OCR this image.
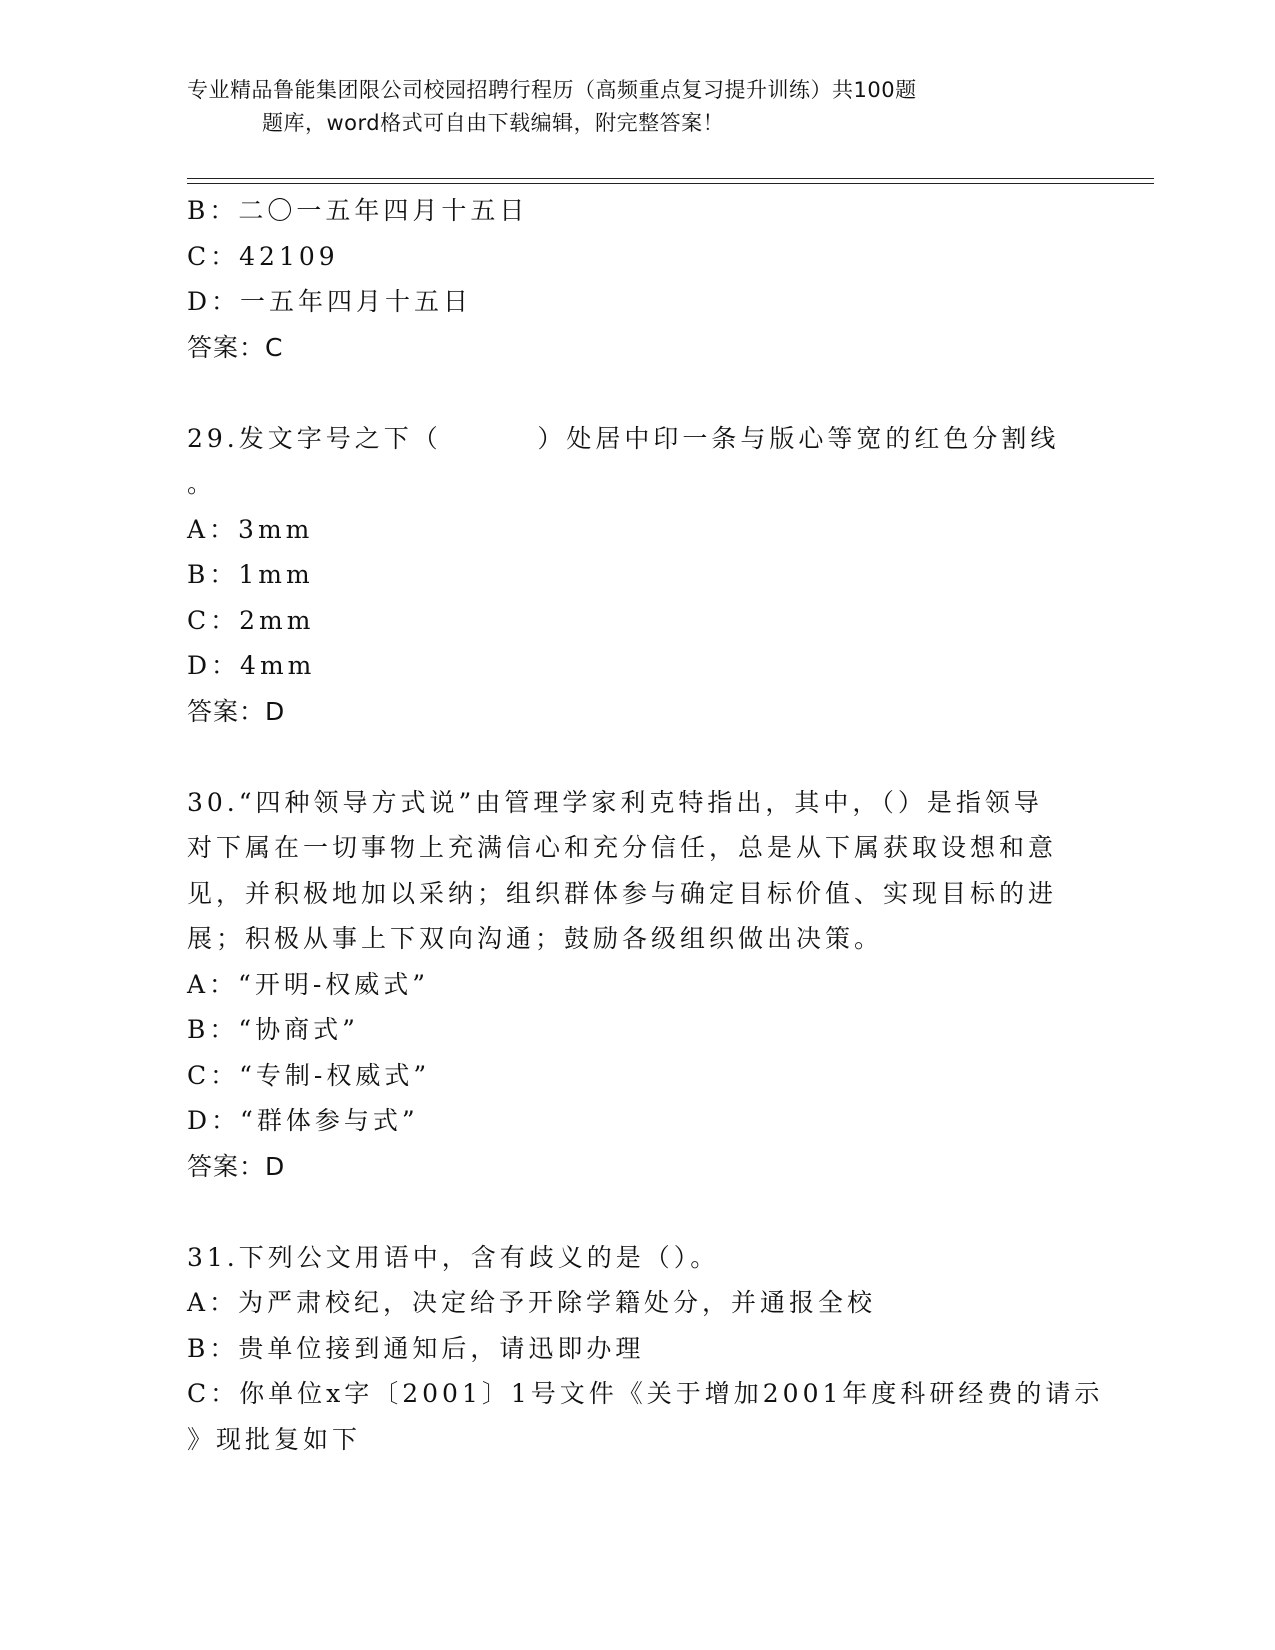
专业精品鲁能集团限公司校园招聘行程历（高频重点复习提升训练）共100题
题库，word格式可自由下载编辑，附完整答案！
B：二〇一五年四月十五日
C：42109
D：一五年四月十五日
答案：C
29.发文字号之下（        ）处居中印一条与版心等宽的红色分割线
。
A：3mm
B：1mm
C：2mm
D：4mm
答案：D
30.“四种领导方式说”由管理学家利克特指出，其中，（）是指领导
对下属在一切事物上充满信心和充分信任，总是从下属获取设想和意
见，并积极地加以采纳；组织群体参与确定目标价值、实现目标的进
展；积极从事上下双向沟通；鼓励各级组织做出决策。
A：“开明-权威式”
B：“协商式”
C：“专制-权威式”
D：“群体参与式”
答案：D
31.下列公文用语中，含有歧义的是（）。
A：为严肃校纪，决定给予开除学籍处分，并通报全校
B：贵单位接到通知后，请迅即办理
C：你单位x字〔2001〕1号文件《关于增加2001年度科研经费的请示
》现批复如下
